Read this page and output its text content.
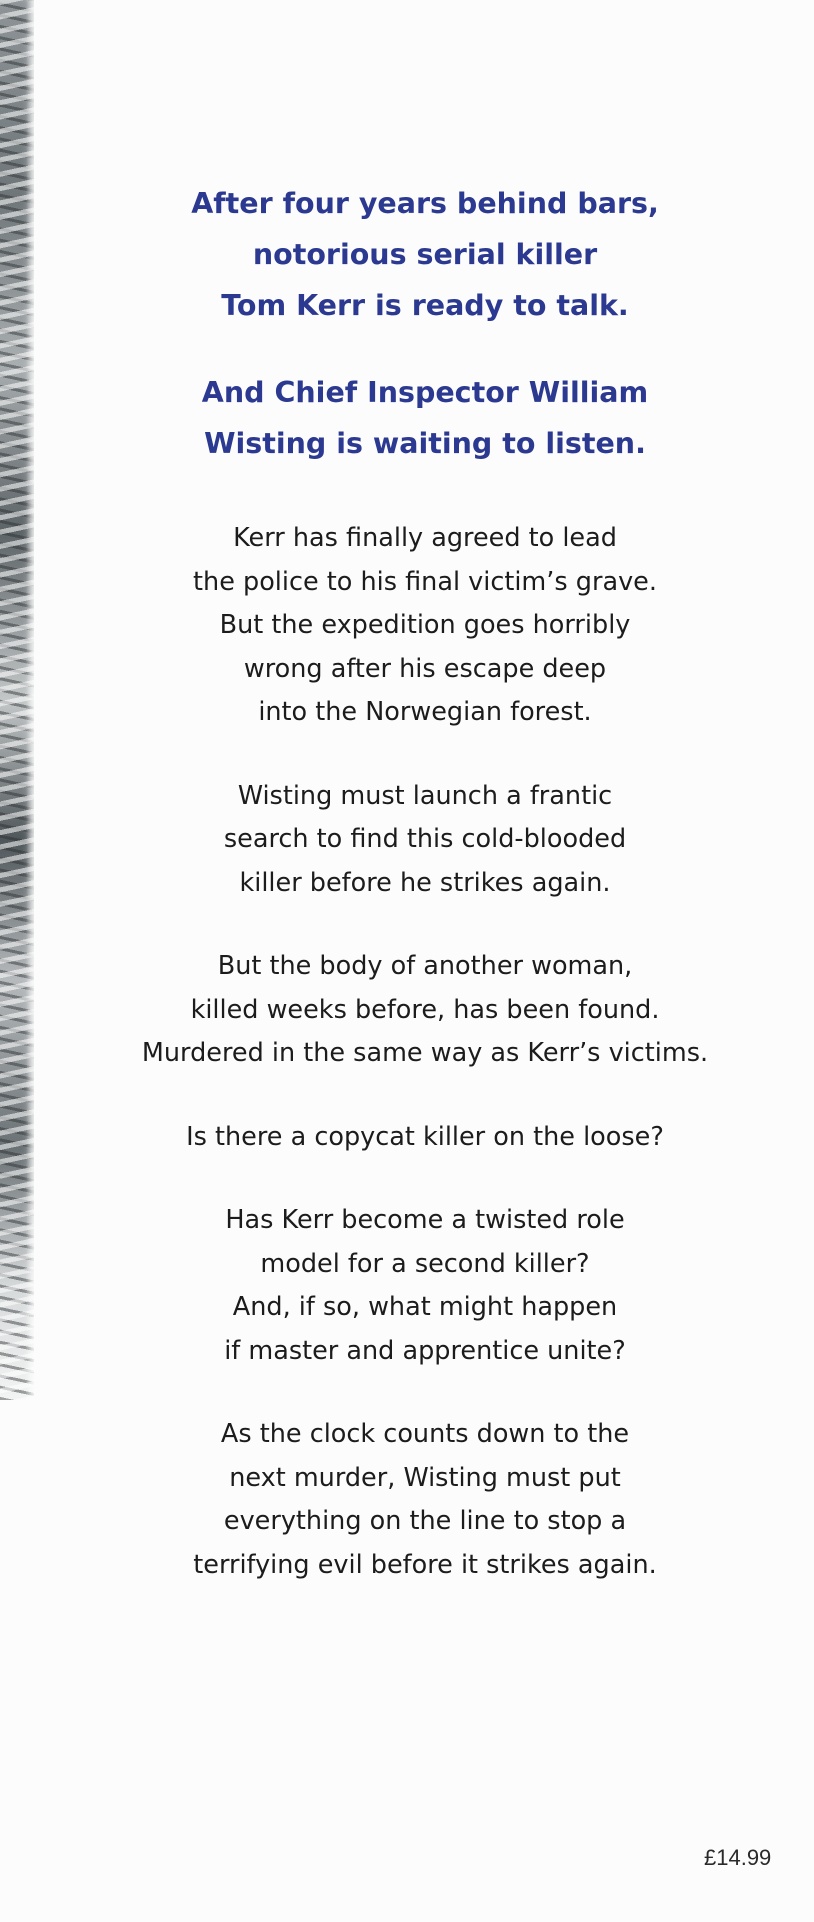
After four years behind bars,
notorious serial killer
Tom Kerr is ready to talk.

And Chief Inspector William
Wisting is waiting to listen.

Kerr has finally agreed to lead
the police to his final victim’s grave.
But the expedition goes horribly
wrong after his escape deep
into the Norwegian forest.

Wisting must launch a frantic
search to find this cold-blooded
killer before he strikes again.

But the body of another woman,
killed weeks before, has been found.
Murdered in the same way as Kerr’s victims.

Is there a copycat killer on the loose?

Has Kerr become a twisted role
model for a second killer?
And, if so, what might happen
if master and apprentice unite?

As the clock counts down to the
next murder, Wisting must put
everything on the line to stop a
terrifying evil before it strikes again.

£14.99
